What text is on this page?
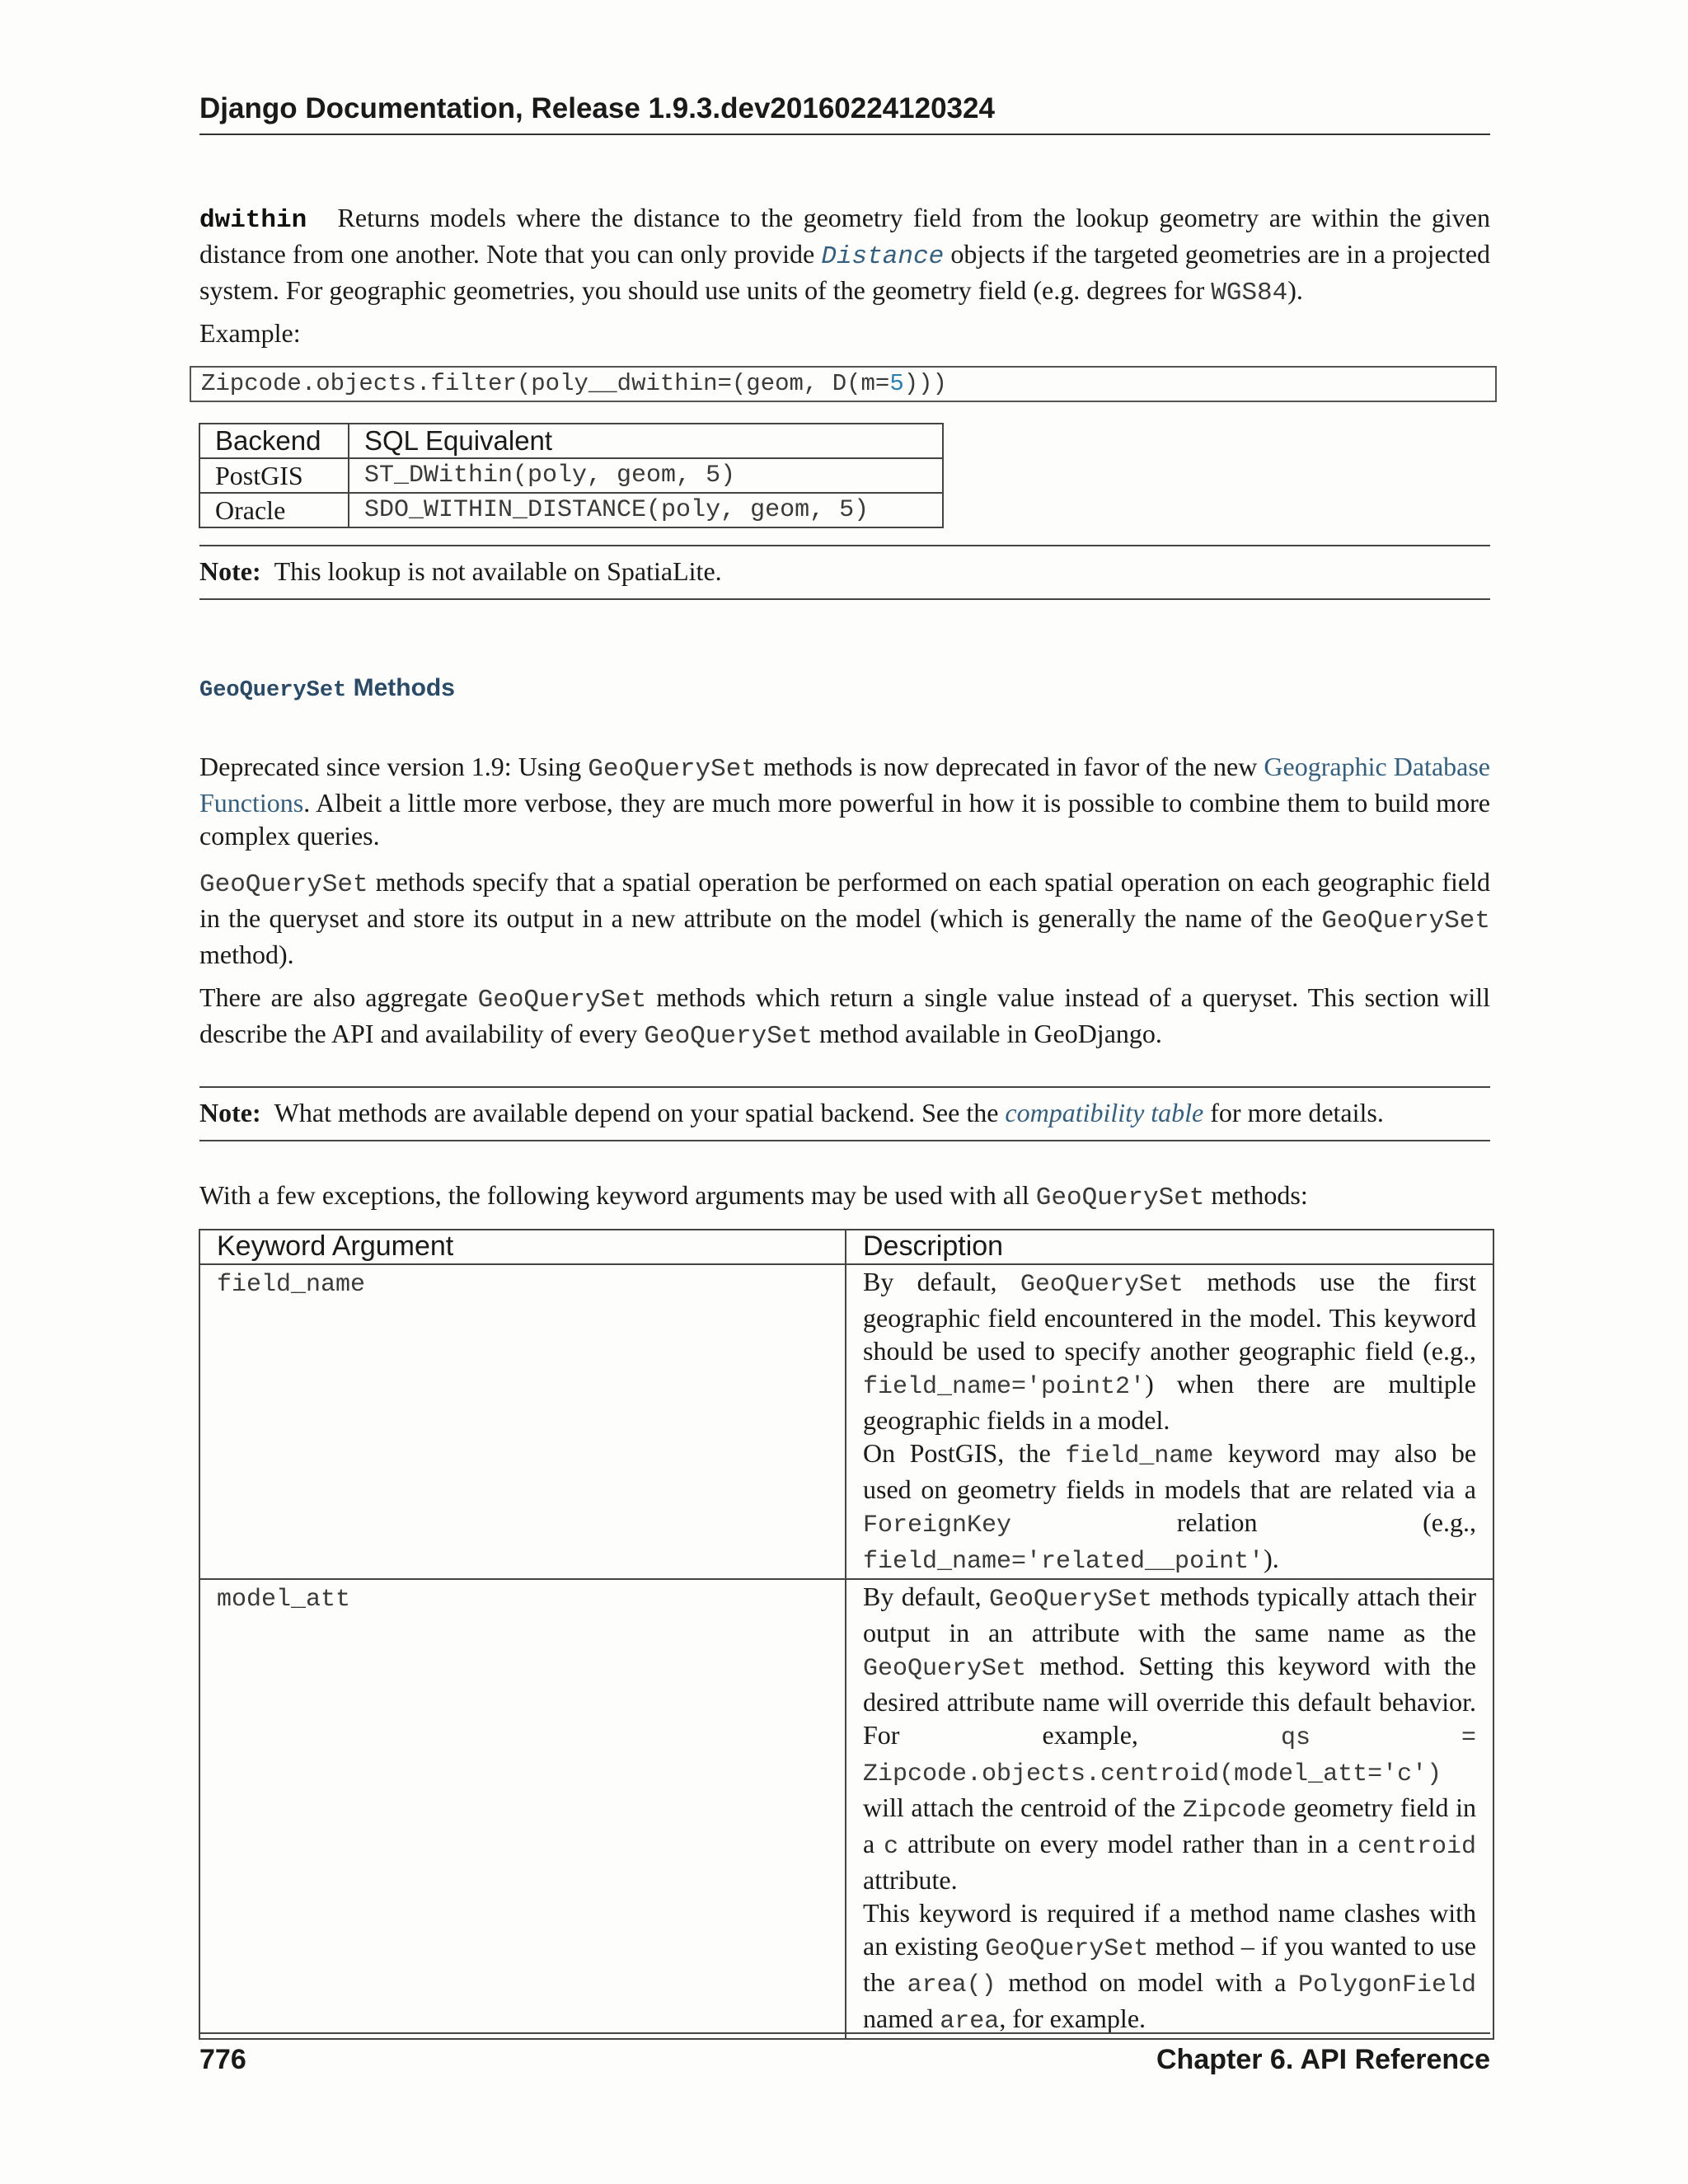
Django Documentation, Release 1.9.3.dev20160224120324
dwithin Returns models where the distance to the geometry field from the lookup geometry are within the given distance from one another. Note that you can only provide Distance objects if the targeted geometries are in a projected system. For geographic geometries, you should use units of the geometry field (e.g. degrees for WGS84).
Example:
Zipcode.objects.filter(poly__dwithin=(geom, D(m=5)))
Backend	SQL Equivalent
PostGIS	ST_DWithin(poly, geom, 5)
Oracle	SDO_WITHIN_DISTANCE(poly, geom, 5)
Note: This lookup is not available on SpatiaLite.
GeoQuerySet Methods
Deprecated since version 1.9: Using GeoQuerySet methods is now deprecated in favor of the new Geographic Database Functions. Albeit a little more verbose, they are much more powerful in how it is possible to combine them to build more complex queries.
GeoQuerySet methods specify that a spatial operation be performed on each spatial operation on each geographic field in the queryset and store its output in a new attribute on the model (which is generally the name of the GeoQuerySet method).
There are also aggregate GeoQuerySet methods which return a single value instead of a queryset. This section will describe the API and availability of every GeoQuerySet method available in GeoDjango.
Note: What methods are available depend on your spatial backend. See the compatibility table for more details.
With a few exceptions, the following keyword arguments may be used with all GeoQuerySet methods:
Keyword Argument	Description
field_name	By default, GeoQuerySet methods use the first geographic field encountered in the model. This keyword should be used to specify another geographic field (e.g., field_name='point2') when there are multiple geographic fields in a model.
On PostGIS, the field_name keyword may also be used on geometry fields in models that are related via a ForeignKey relation (e.g., field_name='related__point').

model_att	By default, GeoQuerySet methods typically attach their output in an attribute with the same name as the GeoQuerySet method. Setting this keyword with the desired attribute name will override this default behavior. For example, qs = Zipcode.objects.centroid(model_att='c') will attach the centroid of the Zipcode geometry field in a c attribute on every model rather than in a centroid attribute.
This keyword is required if a method name clashes with an existing GeoQuerySet method – if you wanted to use the area() method on model with a PolygonField named area, for example.
776	Chapter 6. API Reference
